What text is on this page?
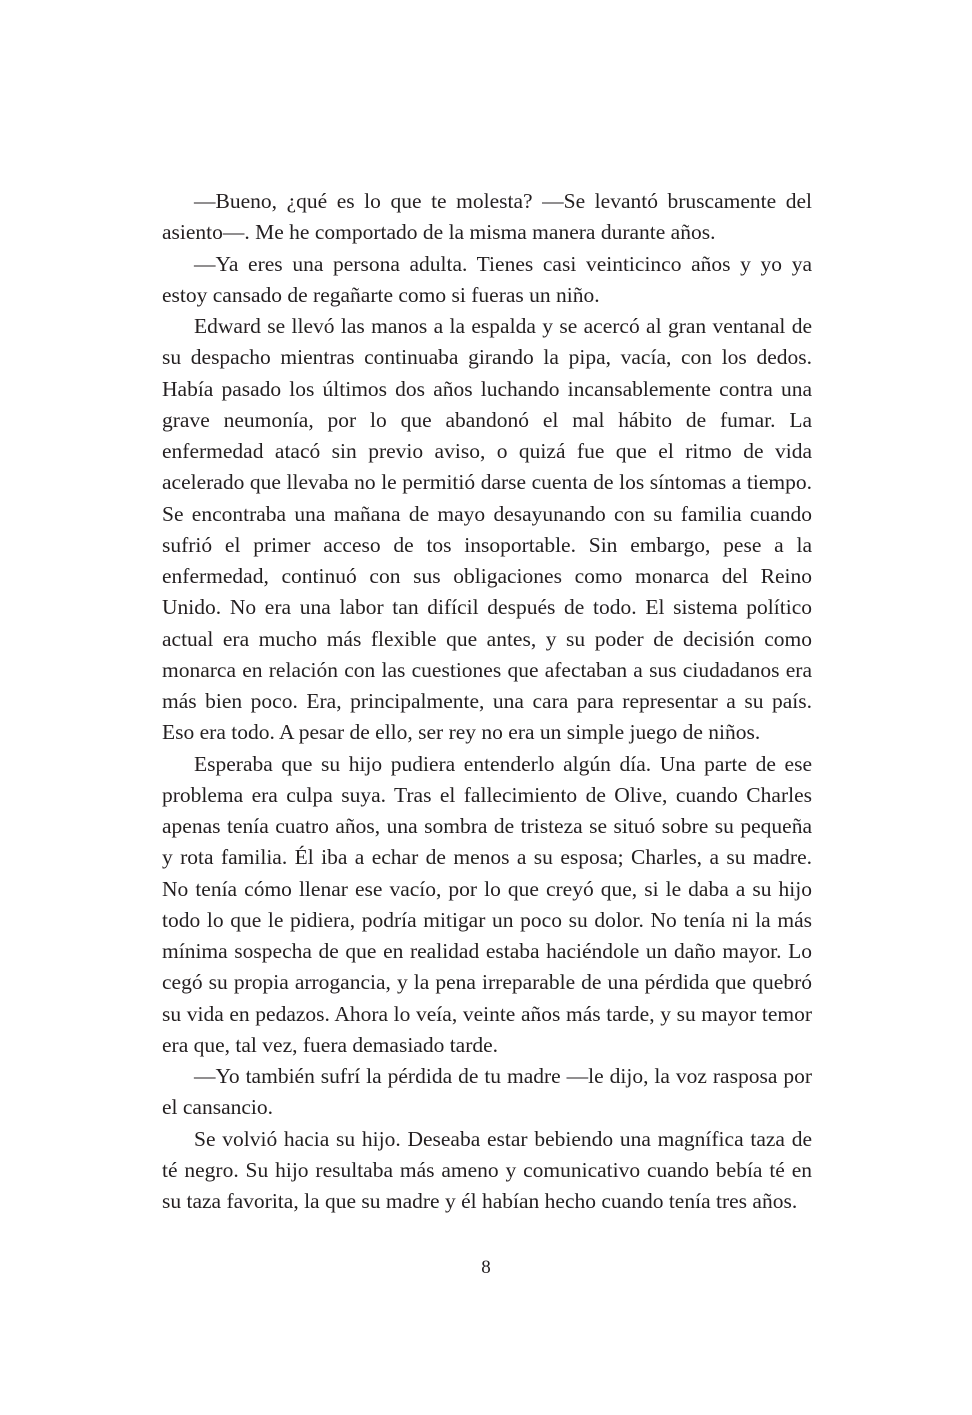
—Bueno, ¿qué es lo que te molesta? —Se levantó bruscamente del asiento—. Me he comportado de la misma manera durante años.

—Ya eres una persona adulta. Tienes casi veinticinco años y yo ya estoy cansado de regañarte como si fueras un niño.

Edward se llevó las manos a la espalda y se acercó al gran ventanal de su despacho mientras continuaba girando la pipa, vacía, con los dedos. Había pasado los últimos dos años luchando incansablemente contra una grave neumonía, por lo que abandonó el mal hábito de fumar. La enfermedad atacó sin previo aviso, o quizá fue que el ritmo de vida acelerado que llevaba no le permitió darse cuenta de los síntomas a tiempo. Se encontraba una mañana de mayo desayunando con su familia cuando sufrió el primer acceso de tos insoportable. Sin embargo, pese a la enfermedad, continuó con sus obligaciones como monarca del Reino Unido. No era una labor tan difícil después de todo. El sistema político actual era mucho más flexible que antes, y su poder de decisión como monarca en relación con las cuestiones que afectaban a sus ciudadanos era más bien poco. Era, principalmente, una cara para representar a su país. Eso era todo. A pesar de ello, ser rey no era un simple juego de niños.

Esperaba que su hijo pudiera entenderlo algún día. Una parte de ese problema era culpa suya. Tras el fallecimiento de Olive, cuando Charles apenas tenía cuatro años, una sombra de tristeza se situó sobre su pequeña y rota familia. Él iba a echar de menos a su esposa; Charles, a su madre. No tenía cómo llenar ese vacío, por lo que creyó que, si le daba a su hijo todo lo que le pidiera, podría mitigar un poco su dolor. No tenía ni la más mínima sospecha de que en realidad estaba haciéndole un daño mayor. Lo cegó su propia arrogancia, y la pena irreparable de una pérdida que quebró su vida en pedazos. Ahora lo veía, veinte años más tarde, y su mayor temor era que, tal vez, fuera demasiado tarde.

—Yo también sufrí la pérdida de tu madre —le dijo, la voz rasposa por el cansancio.

Se volvió hacia su hijo. Deseaba estar bebiendo una magnífica taza de té negro. Su hijo resultaba más ameno y comunicativo cuando bebía té en su taza favorita, la que su madre y él habían hecho cuando tenía tres años.

8
